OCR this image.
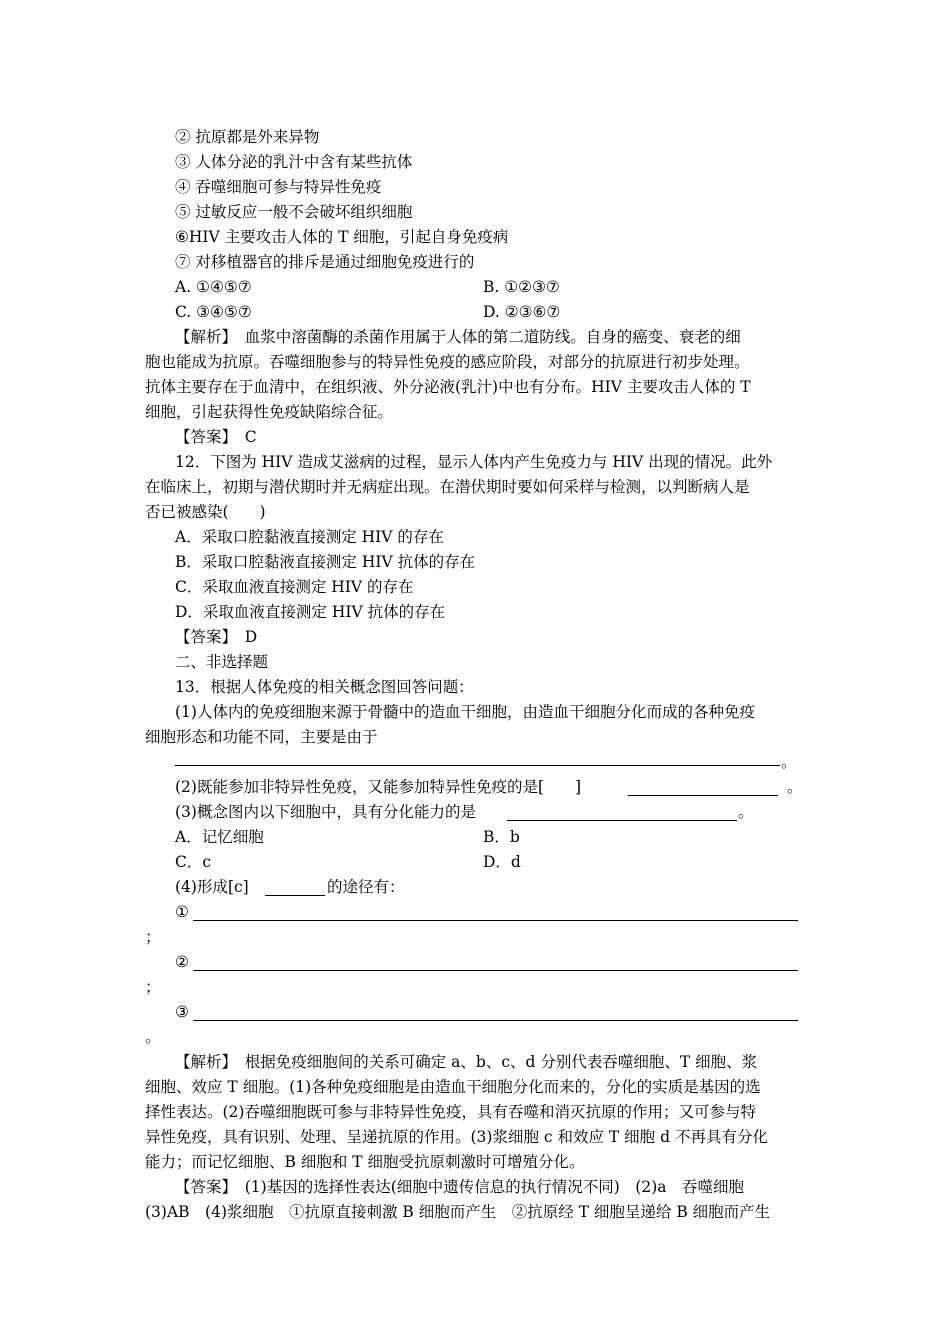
② 抗原都是外来异物
③ 人体分泌的乳汁中含有某些抗体
④ 吞噬细胞可参与特异性免疫
⑤ 过敏反应一般不会破坏组织细胞
⑥HIV 主要攻击人体的 T 细胞，引起自身免疫病
⑦ 对移植器官的排斥是通过细胞免疫进行的
A. ①④⑤⑦	B. ①②③⑦
C. ③④⑤⑦	D. ②③⑥⑦
【解析】　血浆中溶菌酶的杀菌作用属于人体的第二道防线。自身的癌变、衰老的细
胞也能成为抗原。吞噬细胞参与的特异性免疫的感应阶段，对部分的抗原进行初步处理。
抗体主要存在于血清中，在组织液、外分泌液(乳汁)中也有分布。HIV 主要攻击人体的 T
细胞，引起获得性免疫缺陷综合征。
【答案】　C
12．下图为 HIV 造成艾滋病的过程，显示人体内产生免疫力与 HIV 出现的情况。此外
在临床上，初期与潜伏期时并无病症出现。在潜伏期时要如何采样与检测，以判断病人是
否已被感染(　　)
A．采取口腔黏液直接测定 HIV 的存在
B．采取口腔黏液直接测定 HIV 抗体的存在
C．采取血液直接测定 HIV 的存在
D．采取血液直接测定 HIV 抗体的存在
【答案】　D
二、非选择题
13．根据人体免疫的相关概念图回答问题：
(1)人体内的免疫细胞来源于骨髓中的造血干细胞，由造血干细胞分化而成的各种免疫
细胞形态和功能不同，主要是由于
。
(2)既能参加非特异性免疫，又能参加特异性免疫的是[　　]	。
(3)概念图内以下细胞中，具有分化能力的是	。
A．记忆细胞	B．b
C．c	D．d
(4)形成[c]	的途径有：
①
；
②
；
③
。
【解析】　根据免疫细胞间的关系可确定 a、b、c、d 分别代表吞噬细胞、T 细胞、浆
细胞、效应 T 细胞。(1)各种免疫细胞是由造血干细胞分化而来的，分化的实质是基因的选
择性表达。(2)吞噬细胞既可参与非特异性免疫，具有吞噬和消灭抗原的作用；又可参与特
异性免疫，具有识别、处理、呈递抗原的作用。(3)浆细胞 c 和效应 T 细胞 d 不再具有分化
能力；而记忆细胞、B 细胞和 T 细胞受抗原刺激时可增殖分化。
【答案】　(1)基因的选择性表达(细胞中遗传信息的执行情况不同)　(2)a　吞噬细胞
(3)AB　(4)浆细胞　①抗原直接刺激 B 细胞而产生　②抗原经 T 细胞呈递给 B 细胞而产生
